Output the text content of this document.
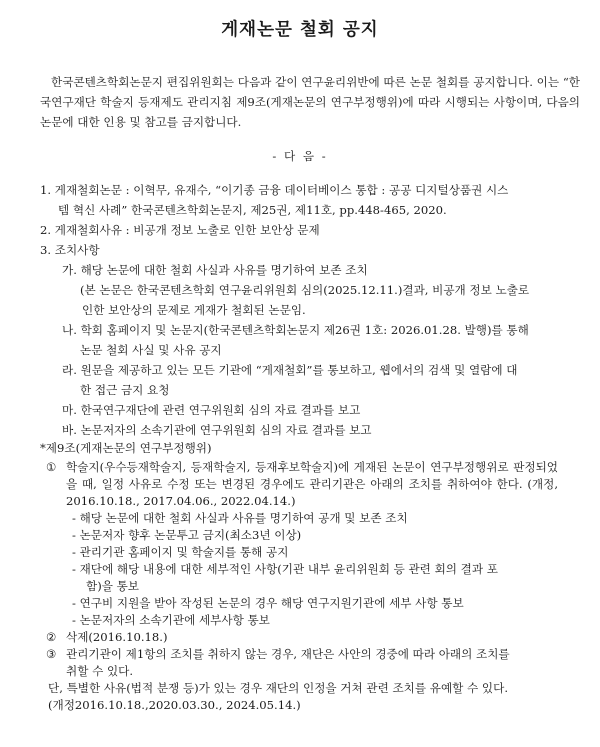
게재논문 철회 공지
한국콘텐츠학회논문지 편집위원회는 다음과 같이 연구윤리위반에 따른 논문 철회를 공지합니다. 이는 “한국연구재단 학술지 등재제도 관리지침 제9조(게재논문의 연구부정행위)에 따라 시행되는 사항이며, 다음의 논문에 대한 인용 및 참고를 금지합니다.
- 다 음 -
1. 게재철회논문 : 이혁무, 유재수, “이기종 금융 데이터베이스 통합 : 공공 디지털상품권 시스
템 혁신 사례” 한국콘텐츠학회논문지, 제25권, 제11호, pp.448-465, 2020.
2. 게재철회사유 : 비공개 정보 노출로 인한 보안상 문제
3. 조치사항
가. 해당 논문에 대한 철회 사실과 사유를 명기하여 보존 조치
(본 논문은 한국콘텐츠학회 연구윤리위원회 심의(2025.12.11.)결과, 비공개 정보 노출로
인한 보안상의 문제로 게재가 철회된 논문임.
나. 학회 홈페이지 및 논문지(한국콘텐츠학회논문지 제26권 1호: 2026.01.28. 발행)를 통해
논문 철회 사실 및 사유 공지
라. 원문을 제공하고 있는 모든 기관에 “게재철회”를 통보하고, 웹에서의 검색 및 열람에 대
한 접근 금지 요청
마. 한국연구재단에 관련 연구위원회 심의 자료 결과를 보고
바. 논문저자의 소속기관에 연구위원회 심의 자료 결과를 보고
*제9조(게재논문의 연구부정행위)
① 학술지(우수등재학술지, 등재학술지, 등재후보학술지)에 게재된 논문이 연구부정행위로 판정되었을 때, 일정 사유로 수정 또는 변경된 경우에도 관리기관은 아래의 조치를 취하여야 한다. (개정, 2016.10.18., 2017.04.06., 2022.04.14.)
- 해당 논문에 대한 철회 사실과 사유를 명기하여 공개 및 보존 조치
- 논문저자 향후 논문투고 금지(최소3년 이상)
- 관리기관 홈페이지 및 학술지를 통해 공지
- 재단에 해당 내용에 대한 세부적인 사항(기관 내부 윤리위원회 등 관련 회의 결과 포
함)을 통보
- 연구비 지원을 받아 작성된 논문의 경우 해당 연구지원기관에 세부 사항 통보
- 논문저자의 소속기관에 세부사항 통보
② 삭제(2016.10.18.)
③ 관리기관이 제1항의 조치를 취하지 않는 경우, 재단은 사안의 경중에 따라 아래의 조치를
취할 수 있다.
단, 특별한 사유(법적 분쟁 등)가 있는 경우 재단의 인정을 거쳐 관련 조치를 유예할 수 있다.
(개정2016.10.18.,2020.03.30., 2024.05.14.)
